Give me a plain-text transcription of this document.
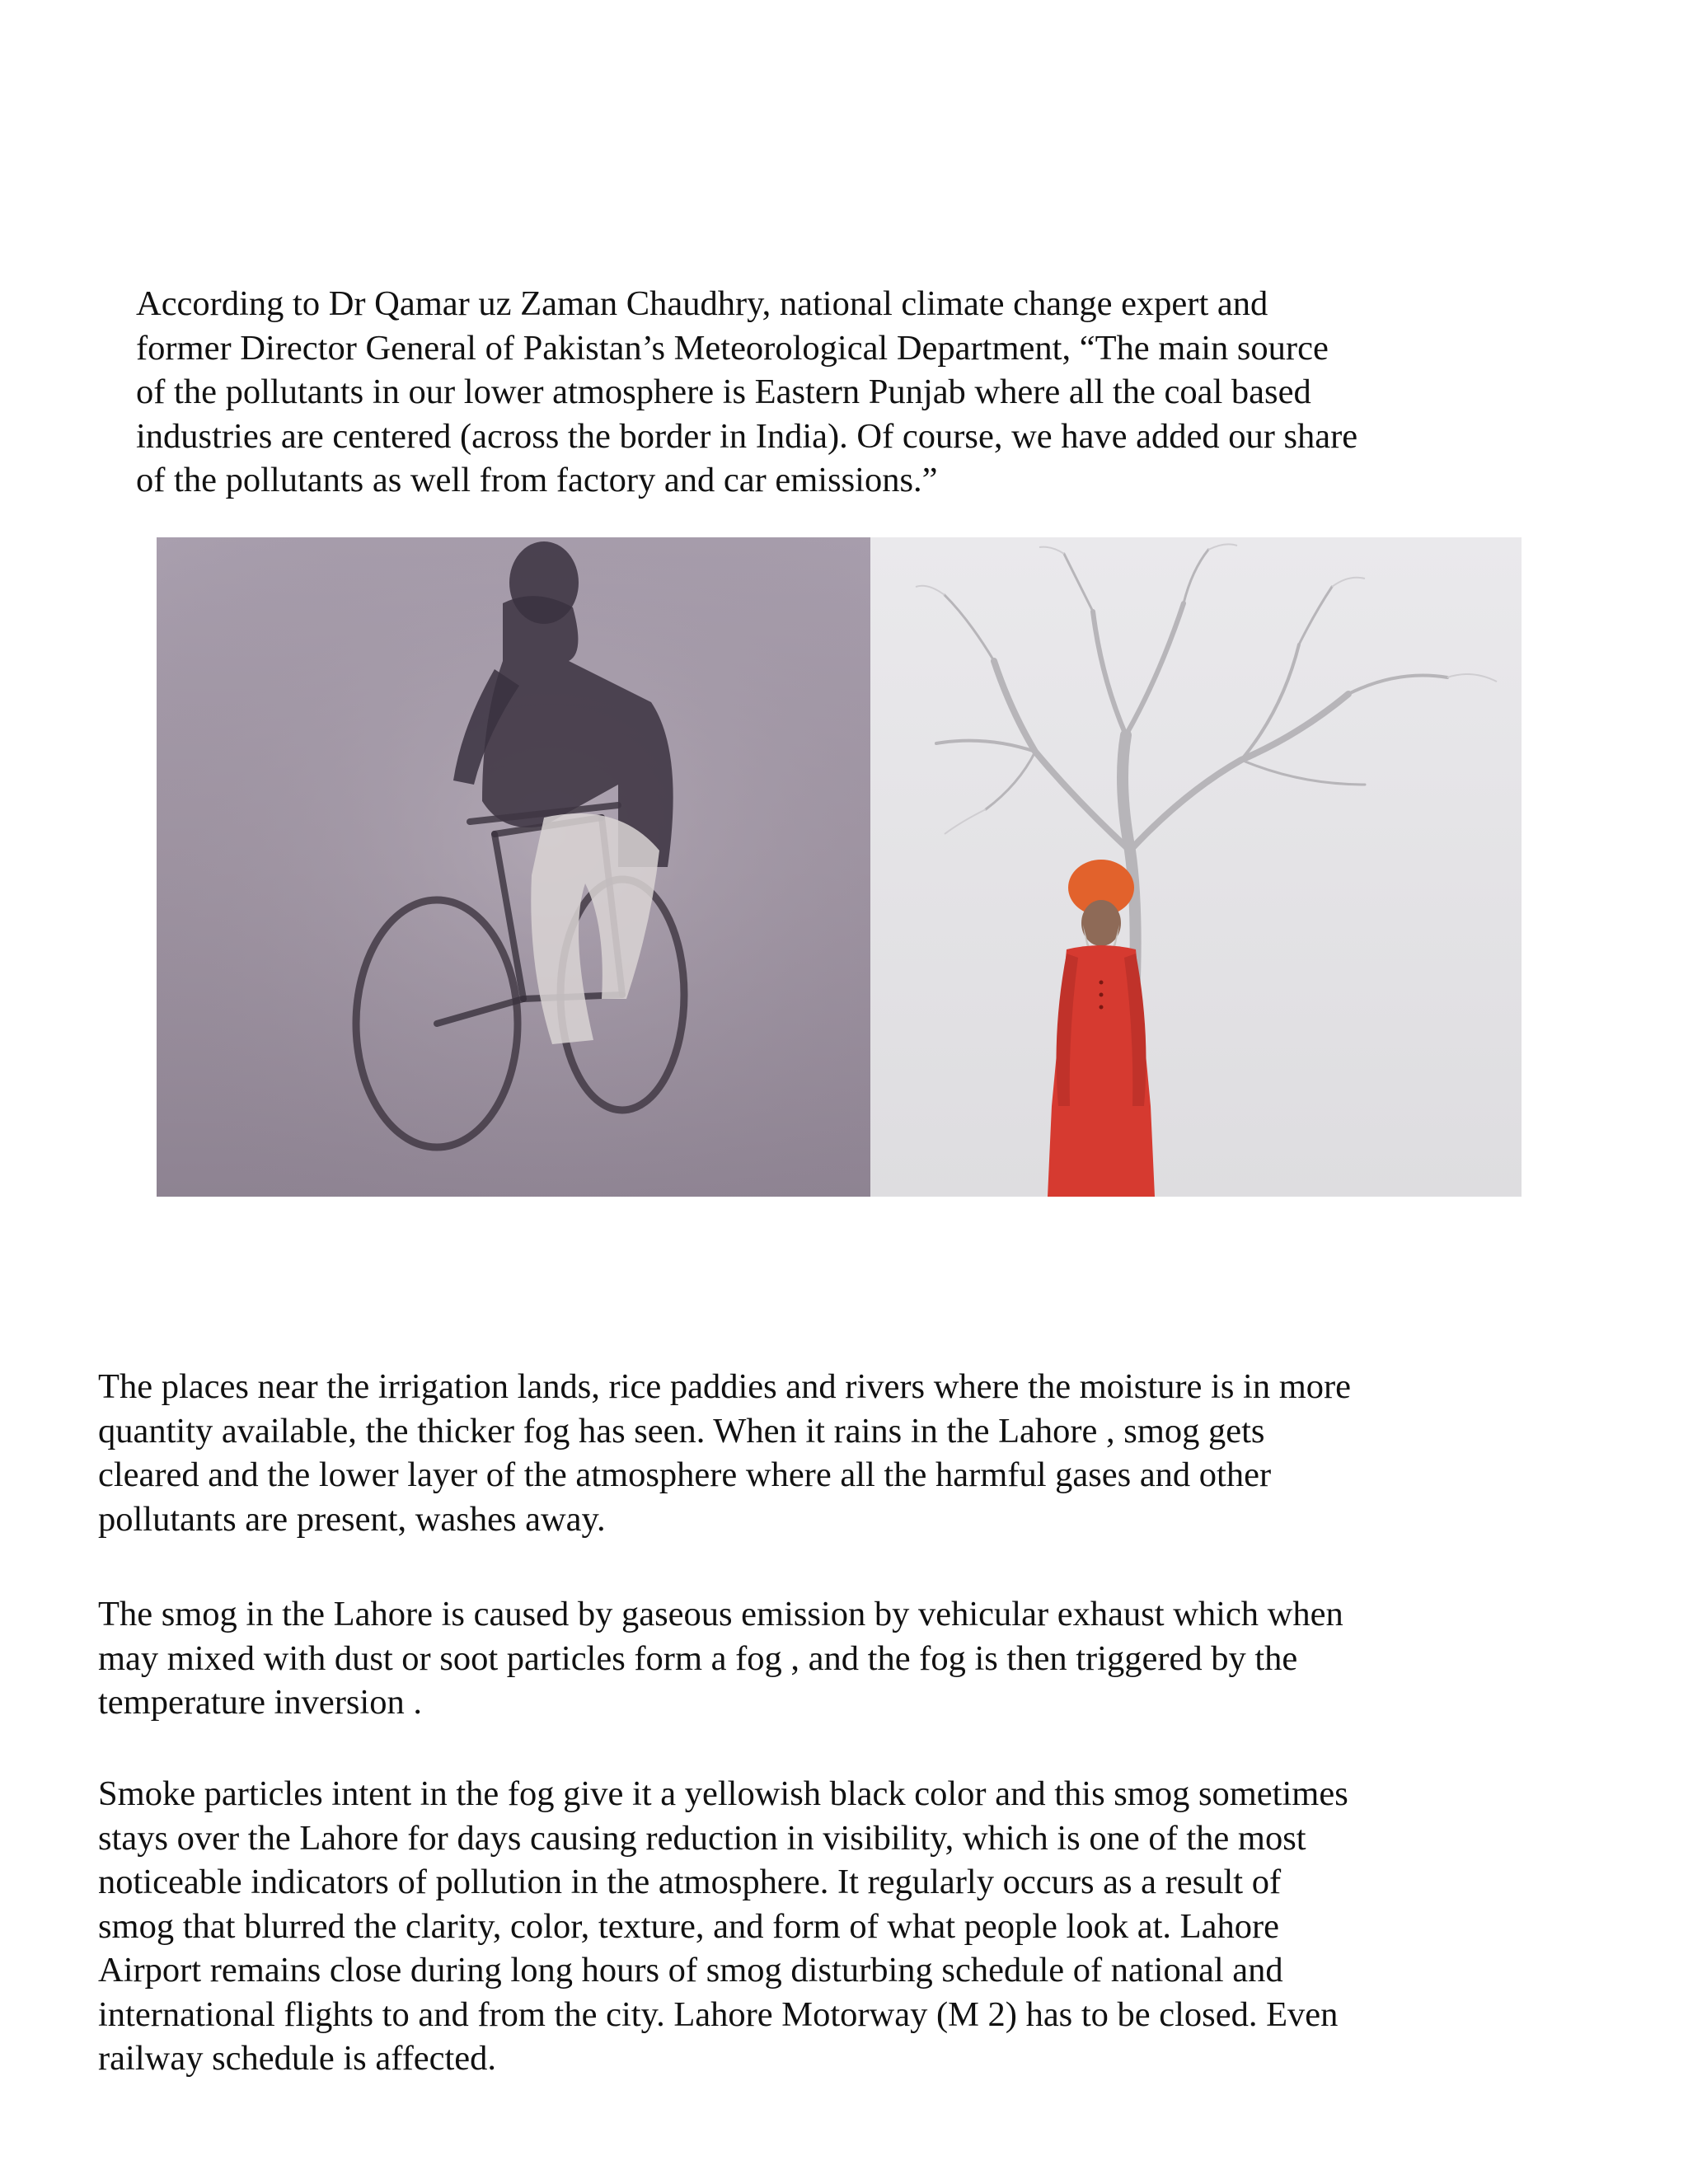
According to Dr Qamar uz Zaman Chaudhry, national climate change expert and
former Director General of Pakistan’s Meteorological Department, “The main source
of the pollutants in our lower atmosphere is Eastern Punjab where all the coal based
industries are centered (across the border in India). Of course, we have added our share
of the pollutants as well from factory and car emissions.”

The places near the irrigation lands, rice paddies and rivers where the moisture is in more
quantity available, the thicker fog has seen. When it rains in the Lahore , smog gets
cleared and the lower layer of the atmosphere where all the harmful gases and other
pollutants are present, washes away.

The smog in the Lahore is caused by gaseous emission by vehicular exhaust which when
may mixed with dust or soot particles form a fog , and the fog is then triggered by the
temperature inversion .

Smoke particles intent in the fog give it a yellowish black color and this smog sometimes
stays over the Lahore for days causing reduction in visibility, which is one of the most
noticeable indicators of pollution in the atmosphere. It regularly occurs as a result of
smog that blurred the clarity, color, texture, and form of what people look at. Lahore
Airport remains close during long hours of smog disturbing schedule of national and
international flights to and from the city. Lahore Motorway (M 2) has to be closed. Even
railway schedule is affected.
